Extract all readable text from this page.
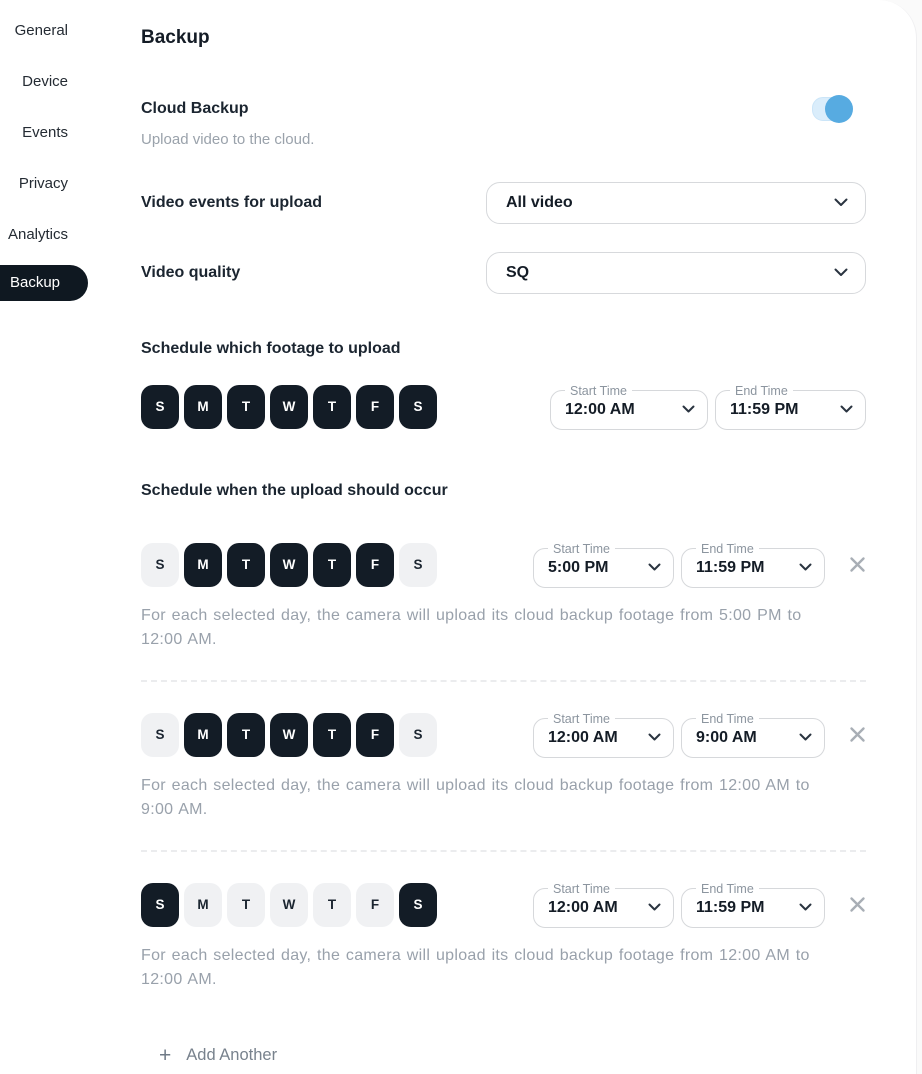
General
Device
Events
Privacy
Analytics
Backup
Backup
Cloud Backup
Upload video to the cloud.
Video events for upload	All video
Video quality	SQ
Schedule which footage to upload
S	M	T	W	T	F	S
Start Time
12:00 AM
End Time
11:59 PM
Schedule when the upload should occur
S	M	T	W	T	F	S
Start Time
5:00 PM
End Time
11:59 PM

For each selected day, the camera will upload its cloud backup footage from 5:00 PM to 12:00 AM.

S	M	T	W	T	F	S
Start Time
12:00 AM
End Time
9:00 AM

For each selected day, the camera will upload its cloud backup footage from 12:00 AM to 9:00 AM.

S	M	T	W	T	F	S
Start Time
12:00 AM
End Time
11:59 PM

For each selected day, the camera will upload its cloud backup footage from 12:00 AM to 12:00 AM.

+ Add Another
